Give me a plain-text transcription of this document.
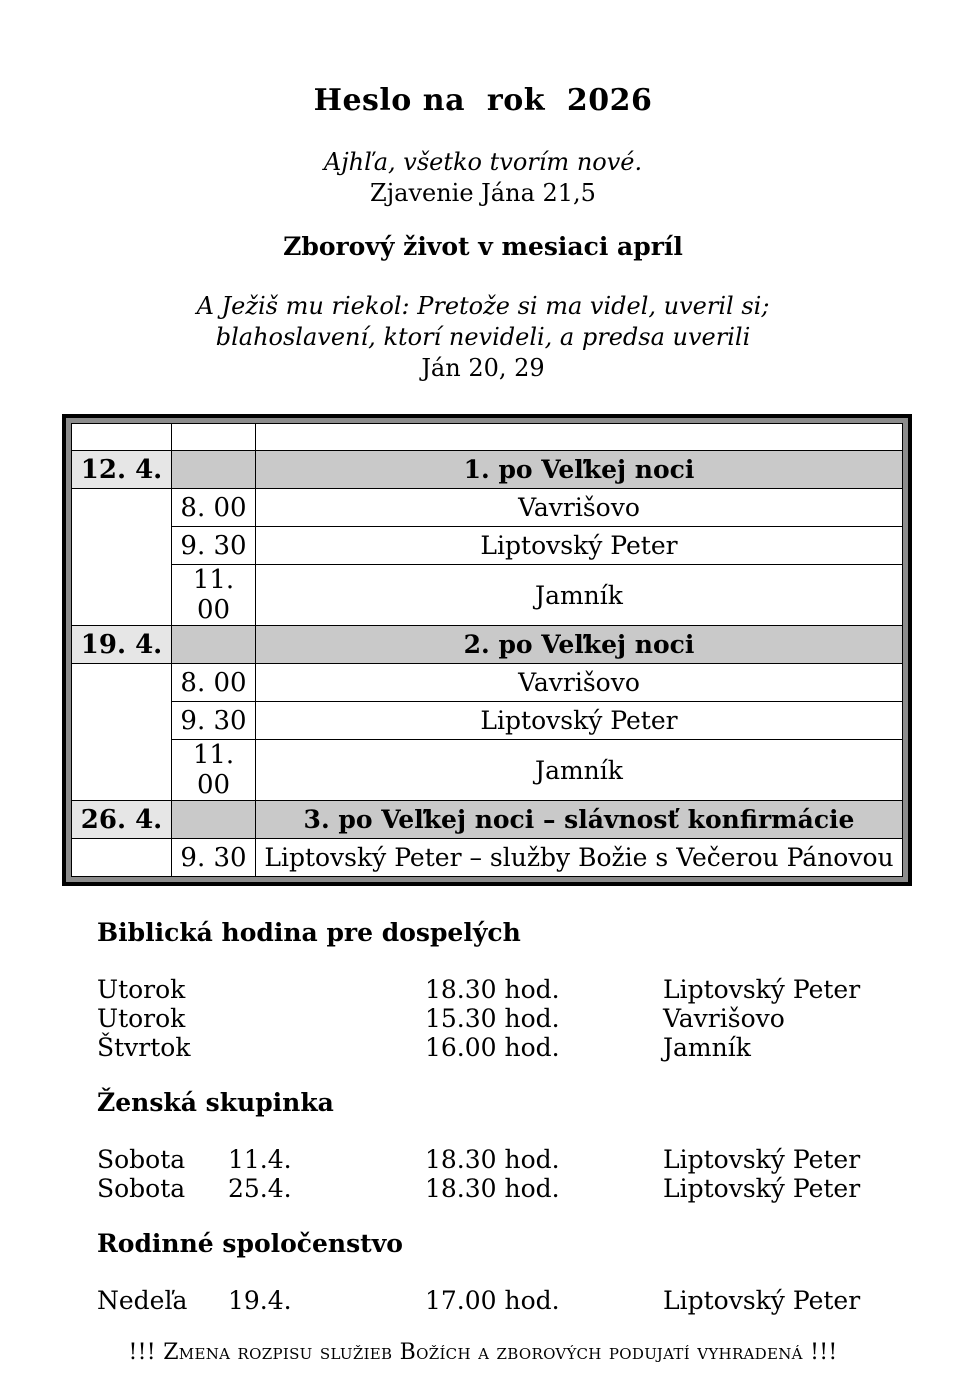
Heslo na  rok  2026
Ajhľa, všetko tvorím nové.
Zjavenie Jána 21,5
Zborový život v mesiaci apríl
A Ježiš mu riekol: Pretože si ma videl, uveril si;
blahoslavení, ktorí nevideli, a predsa uverili
Ján 20, 29

12. 4.		1. po Veľkej noci
	8. 00	Vavrišovo
	9. 30	Liptovský Peter
	11. 00	Jamník
19. 4.		2. po Veľkej noci
	8. 00	Vavrišovo
	9. 30	Liptovský Peter
	11. 00	Jamník
26. 4.		3. po Veľkej noci – slávnosť konfirmácie
	9. 30	Liptovský Peter – služby Božie s Večerou Pánovou
Biblická hodina pre dospelých
Utorok	18.30 hod.	Liptovský Peter
Utorok	15.30 hod.	Vavrišovo
Štvrtok	16.00 hod.	Jamník
Ženská skupinka
Sobota	11.4.	18.30 hod.	Liptovský Peter
Sobota	25.4.	18.30 hod.	Liptovský Peter
Rodinné spoločenstvo
Nedeľa	19.4.	17.00 hod.	Liptovský Peter
!!! Zmena rozpisu služieb Božích a zborových podujatí vyhradená !!!
